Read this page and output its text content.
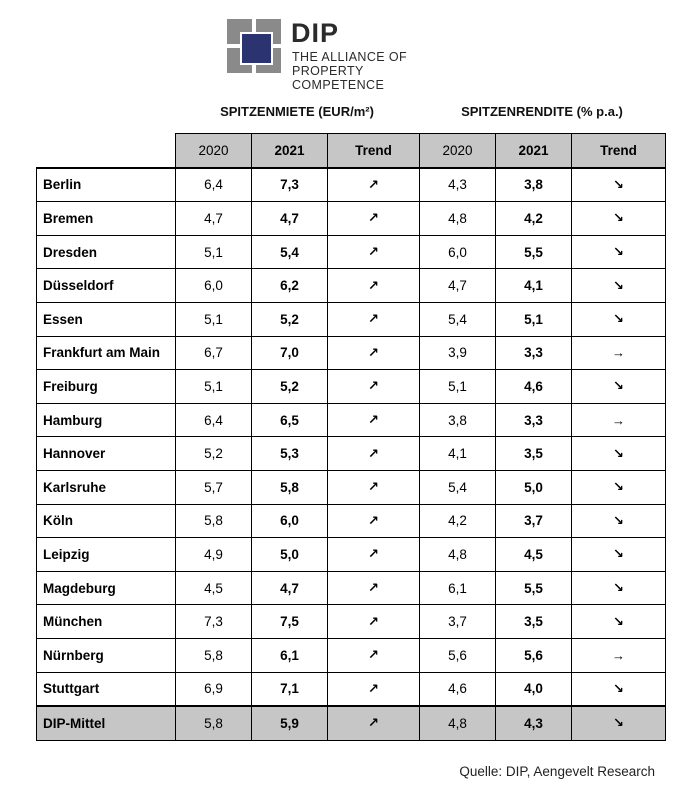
DIP
THE ALLIANCE OF
PROPERTY COMPETENCE
SPITZENMIETE (EUR/m²)	SPITZENRENDITE (% p.a.)
	2020	2021	Trend	2020	2021	Trend
Berlin	6,4	7,3	↗	4,3	3,8	↘
Bremen	4,7	4,7	↗	4,8	4,2	↘
Dresden	5,1	5,4	↗	6,0	5,5	↘
Düsseldorf	6,0	6,2	↗	4,7	4,1	↘
Essen	5,1	5,2	↗	5,4	5,1	↘
Frankfurt am Main	6,7	7,0	↗	3,9	3,3	→
Freiburg	5,1	5,2	↗	5,1	4,6	↘
Hamburg	6,4	6,5	↗	3,8	3,3	→
Hannover	5,2	5,3	↗	4,1	3,5	↘
Karlsruhe	5,7	5,8	↗	5,4	5,0	↘
Köln	5,8	6,0	↗	4,2	3,7	↘
Leipzig	4,9	5,0	↗	4,8	4,5	↘
Magdeburg	4,5	4,7	↗	6,1	5,5	↘
München	7,3	7,5	↗	3,7	3,5	↘
Nürnberg	5,8	6,1	↗	5,6	5,6	→
Stuttgart	6,9	7,1	↗	4,6	4,0	↘
DIP-Mittel	5,8	5,9	↗	4,8	4,3	↘
Quelle: DIP, Aengevelt Research
